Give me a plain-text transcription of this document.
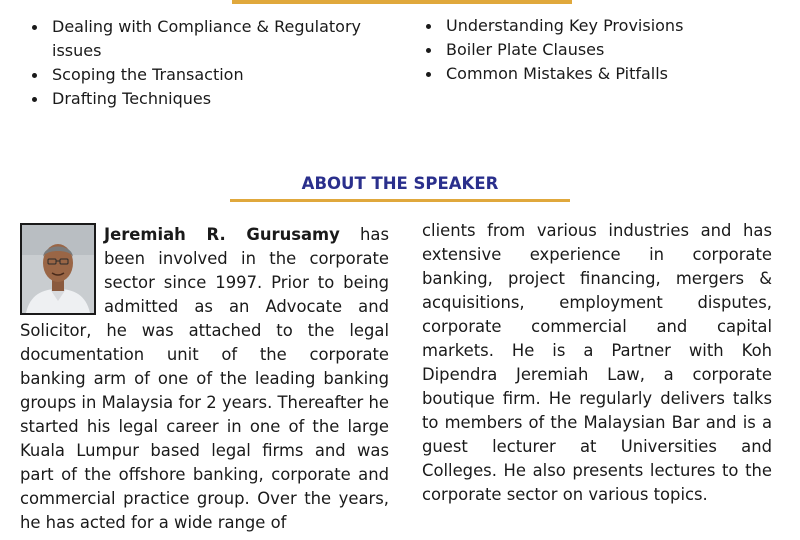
Dealing with Compliance & Regulatory issues
Scoping the Transaction
Drafting Techniques
Understanding Key Provisions
Boiler Plate Clauses
Common Mistakes & Pitfalls
ABOUT THE SPEAKER

Jeremiah R. Gurusamy has been involved in the corporate sector since 1997. Prior to being admitted as an Advocate and Solicitor, he was attached to the legal documentation unit of the corporate banking arm of one of the leading banking groups in Malaysia for 2 years. Thereafter he started his legal career in one of the large Kuala Lumpur based legal firms and was part of the offshore banking, corporate and commercial practice group. Over the years, he has acted for a wide range of

clients from various industries and has extensive experience in corporate banking, project financing, mergers & acquisitions, employment disputes, corporate commercial and capital markets. He is a Partner with Koh Dipendra Jeremiah Law, a corporate boutique firm. He regularly delivers talks to members of the Malaysian Bar and is a guest lecturer at Universities and Colleges. He also presents lectures to the corporate sector on various topics.
